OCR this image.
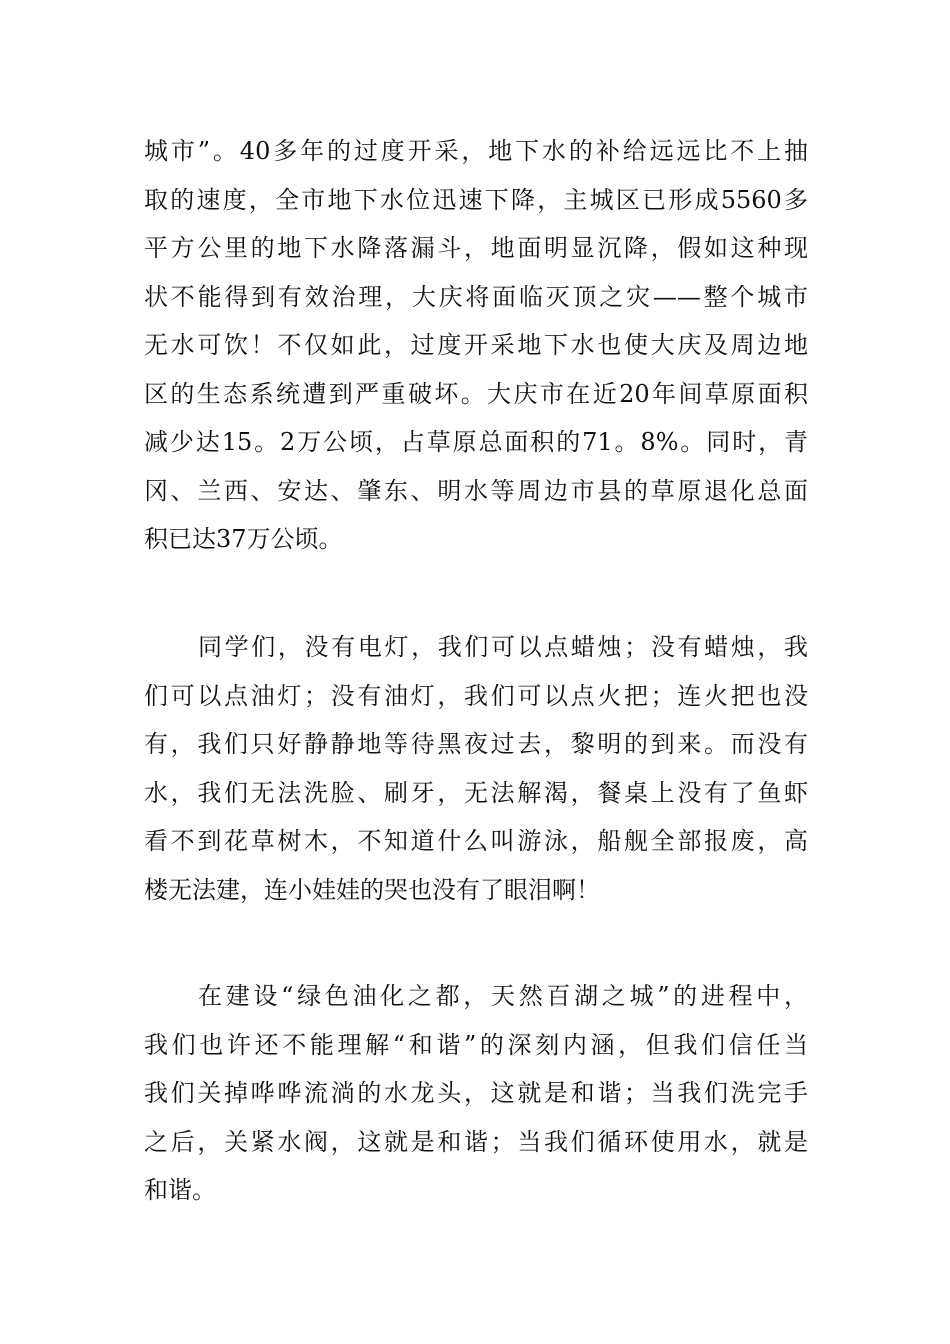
城市”。40多年的过度开采，地下水的补给远远比不上抽
取的速度，全市地下水位迅速下降，主城区已形成5560多
平方公里的地下水降落漏斗，地面明显沉降，假如这种现
状不能得到有效治理，大庆将面临灭顶之灾——整个城市
无水可饮！不仅如此，过度开采地下水也使大庆及周边地
区的生态系统遭到严重破坏。大庆市在近20年间草原面积
减少达15。2万公顷，占草原总面积的71。8%。同时，青
冈、兰西、安达、肇东、明水等周边市县的草原退化总面
积已达37万公顷。

同学们，没有电灯，我们可以点蜡烛；没有蜡烛，我
们可以点油灯；没有油灯，我们可以点火把；连火把也没
有，我们只好静静地等待黑夜过去，黎明的到来。而没有
水，我们无法洗脸、刷牙，无法解渴，餐桌上没有了鱼虾
看不到花草树木，不知道什么叫游泳，船舰全部报废，高
楼无法建，连小娃娃的哭也没有了眼泪啊！

在建设“绿色油化之都，天然百湖之城”的进程中，
我们也许还不能理解“和谐”的深刻内涵，但我们信任当
我们关掉哗哗流淌的水龙头，这就是和谐；当我们洗完手
之后，关紧水阀，这就是和谐；当我们循环使用水，就是
和谐。
